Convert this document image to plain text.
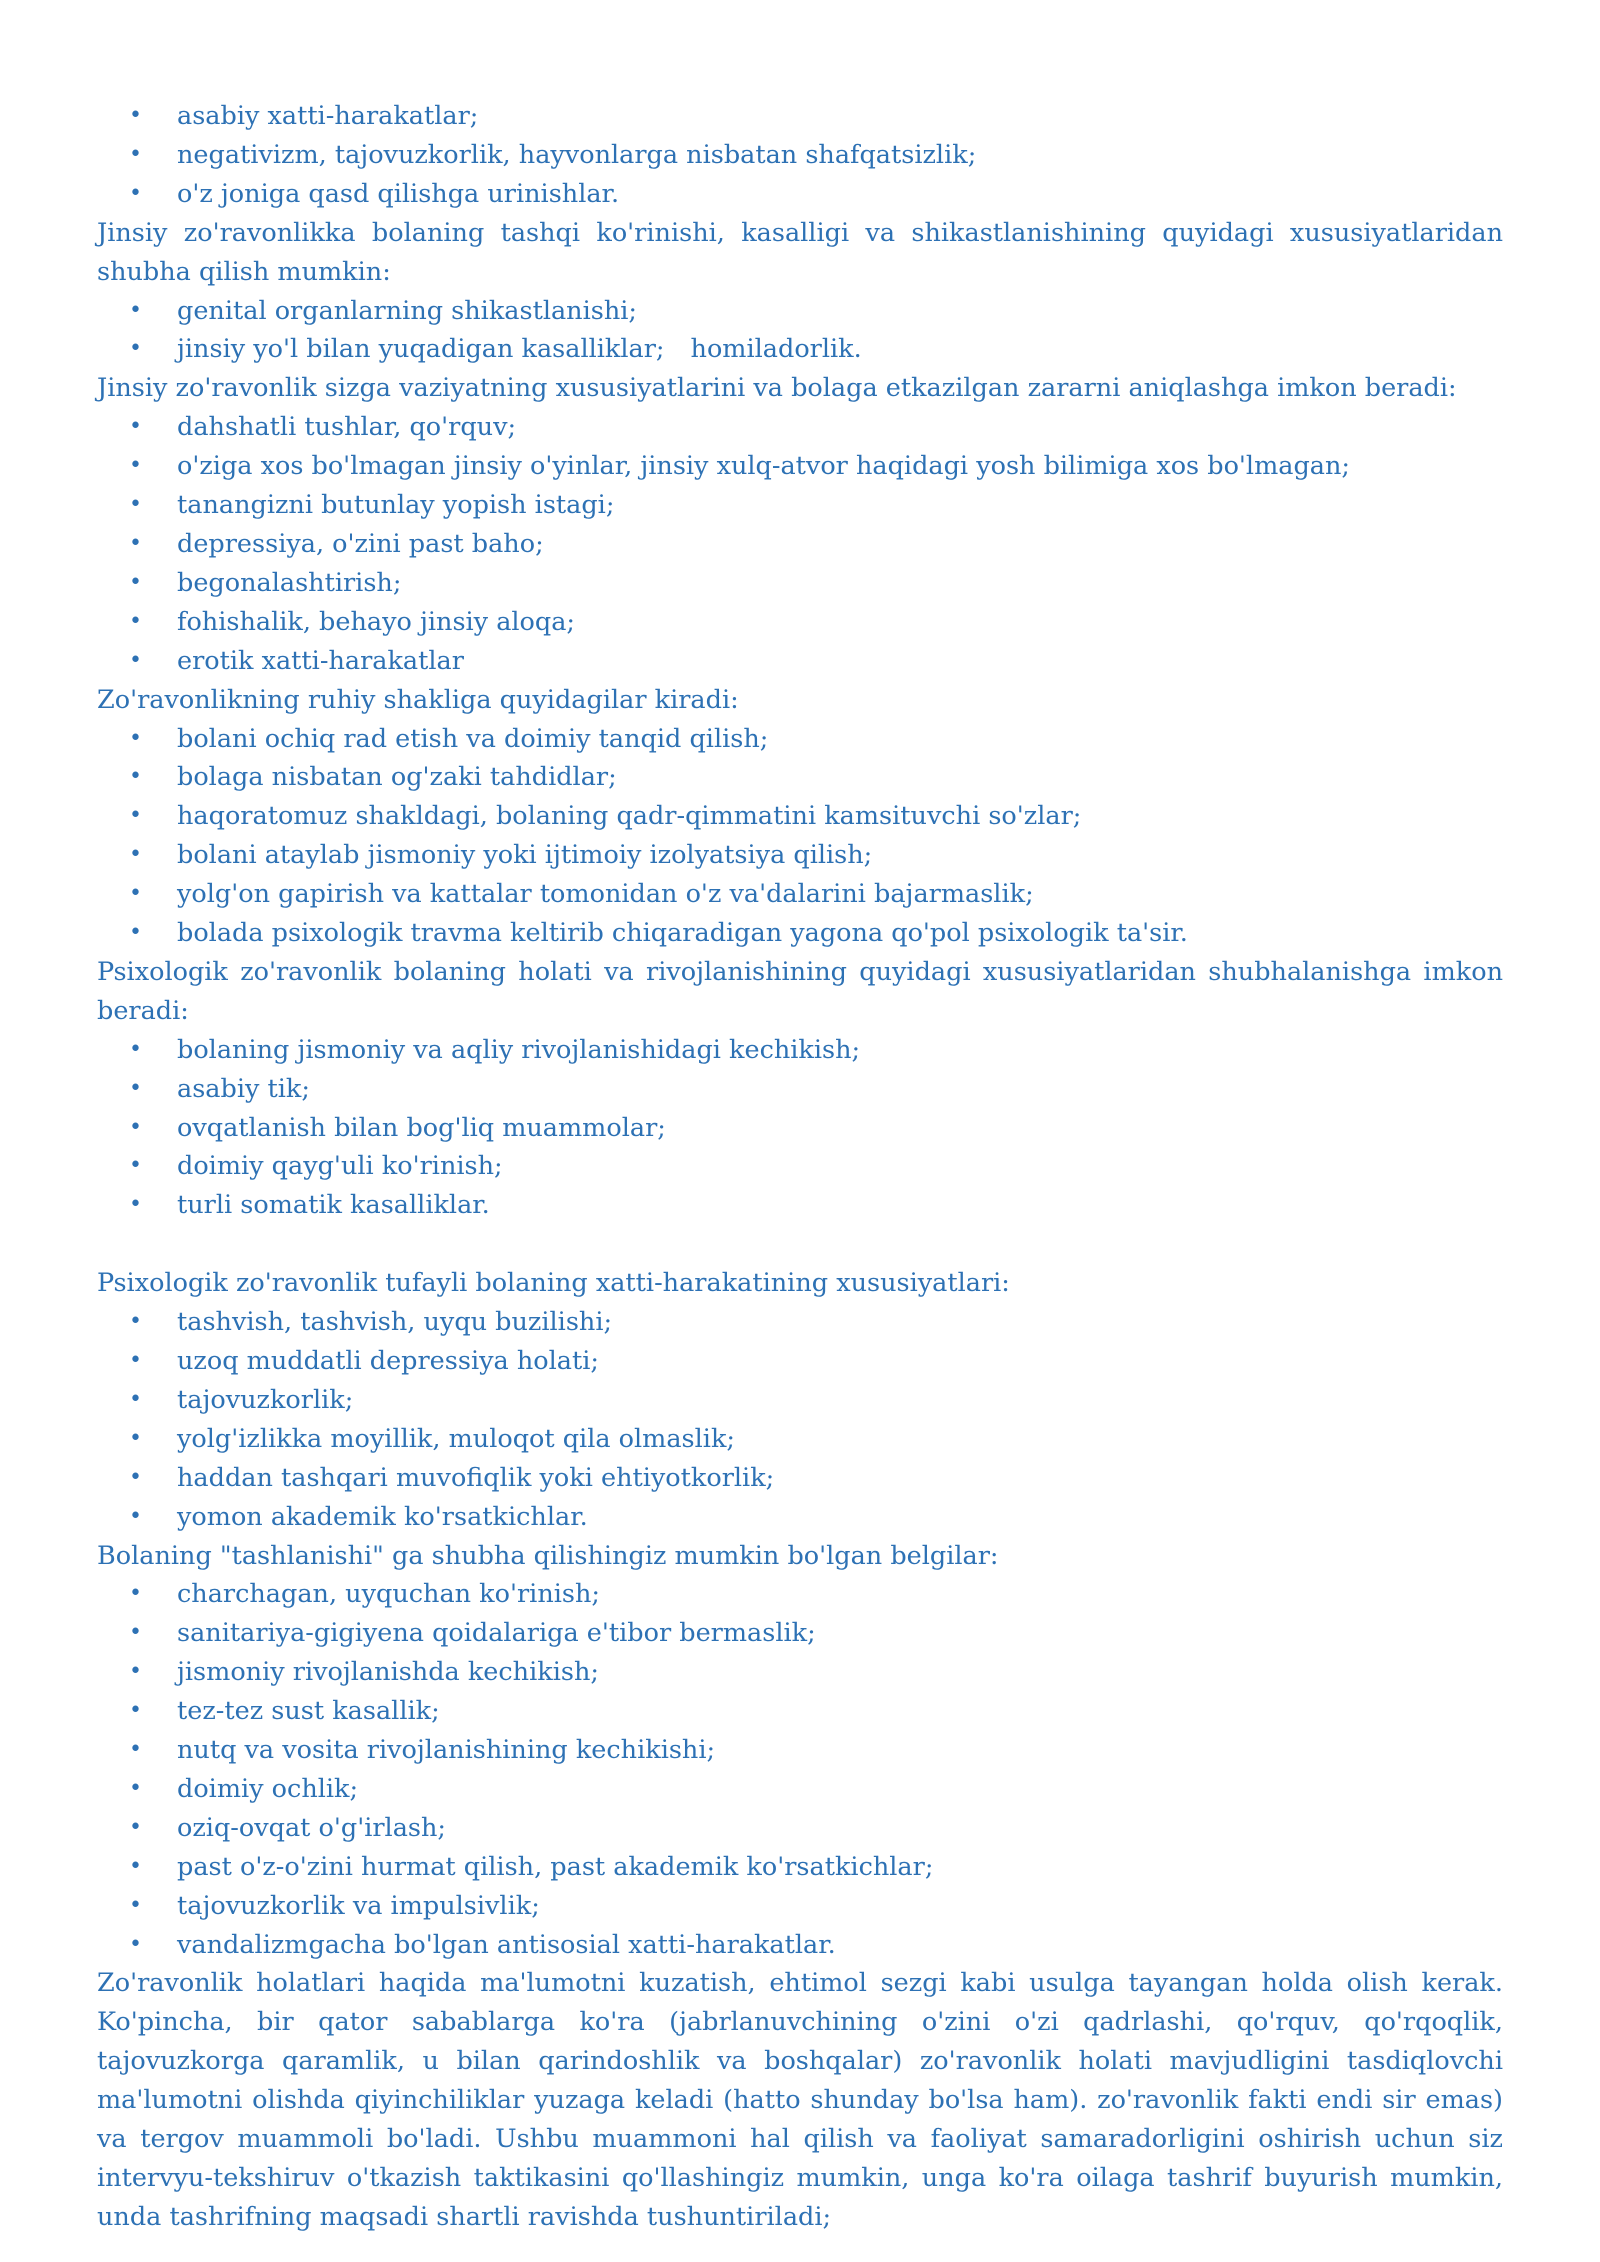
• asabiy xatti-harakatlar;
• negativizm, tajovuzkorlik, hayvonlarga nisbatan shafqatsizlik;
• o'z joniga qasd qilishga urinishlar.

Jinsiy zo'ravonlikka bolaning tashqi ko'rinishi, kasalligi va shikastlanishining quyidagi xususiyatlaridan shubha qilish mumkin:

• genital organlarning shikastlanishi;
• jinsiy yo'l bilan yuqadigan kasalliklar; homiladorlik.

Jinsiy zo'ravonlik sizga vaziyatning xususiyatlarini va bolaga etkazilgan zararni aniqlashga imkon beradi:

• dahshatli tushlar, qo'rquv;
• o'ziga xos bo'lmagan jinsiy o'yinlar, jinsiy xulq-atvor haqidagi yosh bilimiga xos bo'lmagan;
• tanangizni butunlay yopish istagi;
• depressiya, o'zini past baho;
• begonalashtirish;
• fohishalik, behayo jinsiy aloqa;
• erotik xatti-harakatlar

Zo'ravonlikning ruhiy shakliga quyidagilar kiradi:

• bolani ochiq rad etish va doimiy tanqid qilish;
• bolaga nisbatan og'zaki tahdidlar;
• haqoratomuz shakldagi, bolaning qadr-qimmatini kamsituvchi so'zlar;
• bolani ataylab jismoniy yoki ijtimoiy izolyatsiya qilish;
• yolg'on gapirish va kattalar tomonidan o'z va'dalarini bajarmaslik;
• bolada psixologik travma keltirib chiqaradigan yagona qo'pol psixologik ta'sir.

Psixologik zo'ravonlik bolaning holati va rivojlanishining quyidagi xususiyatlaridan shubhalanishga imkon beradi:

• bolaning jismoniy va aqliy rivojlanishidagi kechikish;
• asabiy tik;
• ovqatlanish bilan bog'liq muammolar;
• doimiy qayg'uli ko'rinish;
• turli somatik kasalliklar.

Psixologik zo'ravonlik tufayli bolaning xatti-harakatining xususiyatlari:

• tashvish, tashvish, uyqu buzilishi;
• uzoq muddatli depressiya holati;
• tajovuzkorlik;
• yolg'izlikka moyillik, muloqot qila olmaslik;
• haddan tashqari muvofiqlik yoki ehtiyotkorlik;
• yomon akademik ko'rsatkichlar.

Bolaning "tashlanishi" ga shubha qilishingiz mumkin bo'lgan belgilar:

• charchagan, uyquchan ko'rinish;
• sanitariya-gigiyena qoidalariga e'tibor bermaslik;
• jismoniy rivojlanishda kechikish;
• tez-tez sust kasallik;
• nutq va vosita rivojlanishining kechikishi;
• doimiy ochlik;
• oziq-ovqat o'g'irlash;
• past o'z-o'zini hurmat qilish, past akademik ko'rsatkichlar;
• tajovuzkorlik va impulsivlik;
• vandalizmgacha bo'lgan antisosial xatti-harakatlar.

Zo'ravonlik holatlari haqida ma'lumotni kuzatish, ehtimol sezgi kabi usulga tayangan holda olish kerak. Ko'pincha, bir qator sabablarga ko'ra (jabrlanuvchining o'zini o'zi qadrlashi, qo'rquv, qo'rqoqlik, tajovuzkorga qaramlik, u bilan qarindoshlik va boshqalar) zo'ravonlik holati mavjudligini tasdiqlovchi ma'lumotni olishda qiyinchiliklar yuzaga keladi (hatto shunday bo'lsa ham). zo'ravonlik fakti endi sir emas) va tergov muammoli bo'ladi. Ushbu muammoni hal qilish va faoliyat samaradorligini oshirish uchun siz intervyu-tekshiruv o'tkazish taktikasini qo'llashingiz mumkin, unga ko'ra oilaga tashrif buyurish mumkin, unda tashrifning maqsadi shartli ravishda tushuntiriladi;
